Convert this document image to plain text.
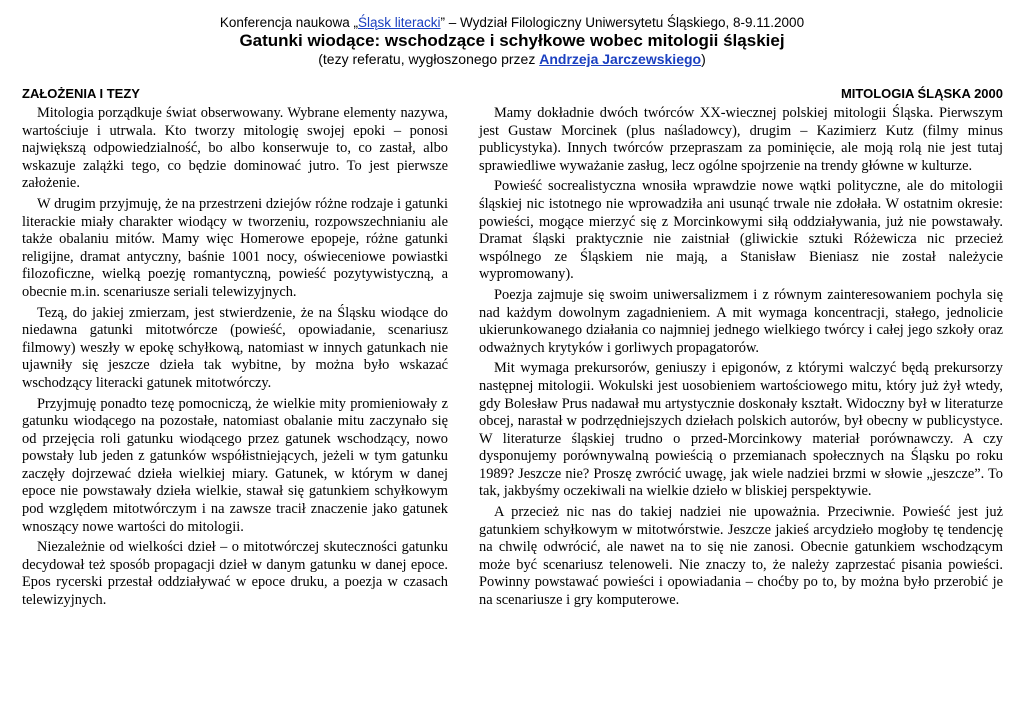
Konferencja naukowa „Śląsk literacki” – Wydział Filologiczny Uniwersytetu Śląskiego, 8-9.11.2000
Gatunki wiodące: wschodzące i schyłkowe wobec mitologii śląskiej
(tezy referatu, wygłoszonego przez Andrzeja Jarczewskiego)
ZAŁOŻENIA I TEZY

Mitologia porządkuje świat obserwowany. Wybrane elementy nazywa, wartościuje i utrwala. Kto tworzy mitologię swojej epoki – ponosi największą odpowiedzialność, bo albo konserwuje to, co zastał, albo wskazuje zalążki tego, co będzie dominować jutro. To jest pierwsze założenie.

W drugim przyjmuję, że na przestrzeni dziejów różne rodzaje i gatunki literackie miały charakter wiodący w tworzeniu, rozpowszechnianiu ale także obalaniu mitów. Mamy więc Homerowe epopeje, różne gatunki religijne, dramat antyczny, baśnie 1001 nocy, oświeceniowe powiastki filozoficzne, wielką poezję romantyczną, powieść pozytywistyczną, a obecnie m.in. scenariusze seriali telewizyjnych.

Tezą, do jakiej zmierzam, jest stwierdzenie, że na Śląsku wiodące do niedawna gatunki mitotwórcze (powieść, opowiadanie, scenariusz filmowy) weszły w epokę schyłkową, natomiast w innych gatunkach nie ujawniły się jeszcze dzieła tak wybitne, by można było wskazać wschodzący literacki gatunek mitotwórczy.

Przyjmuję ponadto tezę pomocniczą, że wielkie mity promieniowały z gatunku wiodącego na pozostałe, natomiast obalanie mitu zaczynało się od przejęcia roli gatunku wiodącego przez gatunek wschodzący, nowo powstały lub jeden z gatunków współistniejących, jeżeli w tym gatunku zaczęły dojrzewać dzieła wielkiej miary. Gatunek, w którym w danej epoce nie powstawały dzieła wielkie, stawał się gatunkiem schyłkowym pod względem mitotwórczym i na zawsze tracił znaczenie jako gatunek wnoszący nowe wartości do mitologii.

Niezależnie od wielkości dzieł – o mitotwórczej skuteczności gatunku decydował też sposób propagacji dzieł w danym gatunku w danej epoce. Epos rycerski przestał oddziaływać w epoce druku, a poezja w czasach telewizyjnych.

MITOLOGIA ŚLĄSKA 2000

Mamy dokładnie dwóch twórców XX-wiecznej polskiej mitologii Śląska. Pierwszym jest Gustaw Morcinek (plus naśladowcy), drugim – Kazimierz Kutz (filmy minus publicystyka). Innych twórców przepraszam za pominięcie, ale moją rolą nie jest tutaj sprawiedliwe wyważanie zasług, lecz ogólne spojrzenie na trendy główne w kulturze.

Powieść socrealistyczna wnosiła wprawdzie nowe wątki polityczne, ale do mitologii śląskiej nic istotnego nie wprowadziła ani usunąć trwale nie zdołała. W ostatnim okresie: powieści, mogące mierzyć się z Morcinkowymi siłą oddziaływania, już nie powstawały. Dramat śląski praktycznie nie zaistniał (gliwickie sztuki Różewicza nic przecież wspólnego ze Śląskiem nie mają, a Stanisław Bieniasz nie został należycie wypromowany).

Poezja zajmuje się swoim uniwersalizmem i z równym zainteresowaniem pochyla się nad każdym dowolnym zagadnieniem. A mit wymaga koncentracji, stałego, jednolicie ukierunkowanego działania co najmniej jednego wielkiego twórcy i całej jego szkoły oraz odważnych krytyków i gorliwych propagatorów.

Mit wymaga prekursorów, geniuszy i epigonów, z którymi walczyć będą prekursorzy następnej mitologii. Wokulski jest uosobieniem wartościowego mitu, który już żył wtedy, gdy Bolesław Prus nadawał mu artystycznie doskonały kształt. Widoczny był w literaturze obcej, narastał w podrzędniejszych dziełach polskich autorów, był obecny w publicystyce. W literaturze śląskiej trudno o przed-Morcinkowy materiał porównawczy. A czy dysponujemy porównywalną powieścią o przemianach społecznych na Śląsku po roku 1989? Jeszcze nie? Proszę zwrócić uwagę, jak wiele nadziei brzmi w słowie „jeszcze”. To tak, jakbyśmy oczekiwali na wielkie dzieło w bliskiej perspektywie.

A przecież nic nas do takiej nadziei nie upoważnia. Przeciwnie. Powieść jest już gatunkiem schyłkowym w mitotwórstwie. Jeszcze jakieś arcydzieło mogłoby tę tendencję na chwilę odwrócić, ale nawet na to się nie zanosi. Obecnie gatunkiem wschodzącym może być scenariusz telenoweli. Nie znaczy to, że należy zaprzestać pisania powieści. Powinny powstawać powieści i opowiadania – choćby po to, by można było przerobić je na scenariusze i gry komputerowe.
